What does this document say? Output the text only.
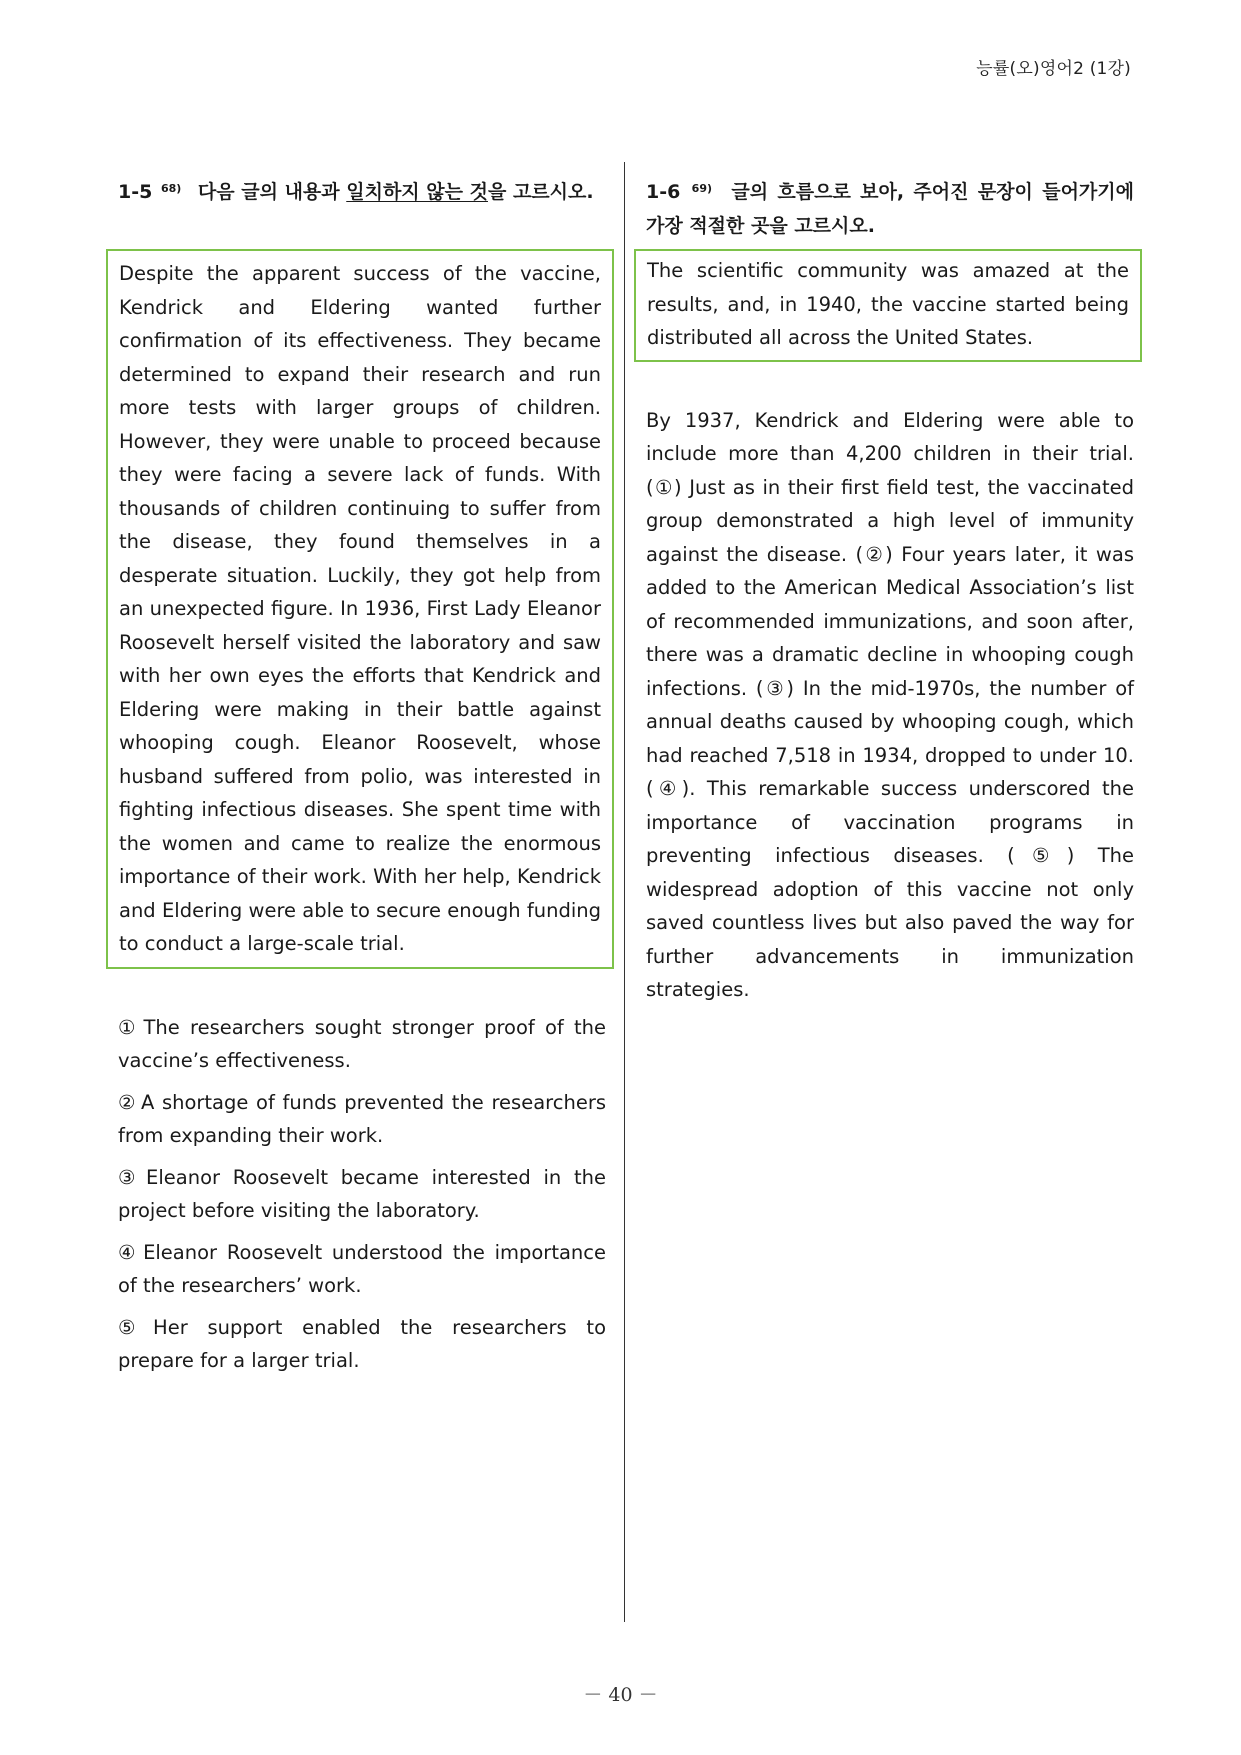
능률(오)영어2 (1강)

1-5 $^{68)}$ 다음 글의 내용과 일치하지 않는 것을 고르시오.

Despite the apparent success of the vaccine, Kendrick and Eldering wanted further confirmation of its effectiveness. They became determined to expand their research and run more tests with larger groups of children. However, they were unable to proceed because they were facing a severe lack of funds. With thousands of children continuing to suffer from the disease, they found themselves in a desperate situation. Luckily, they got help from an unexpected figure. In 1936, First Lady Eleanor Roosevelt herself visited the laboratory and saw with her own eyes the efforts that Kendrick and Eldering were making in their battle against whooping cough. Eleanor Roosevelt, whose husband suffered from polio, was interested in fighting infectious diseases. She spent time with the women and came to realize the enormous importance of their work. With her help, Kendrick and Eldering were able to secure enough funding to conduct a large-scale trial.

① The researchers sought stronger proof of the vaccine’s effectiveness.

② A shortage of funds prevented the researchers from expanding their work.

③ Eleanor Roosevelt became interested in the project before visiting the laboratory.

④ Eleanor Roosevelt understood the importance of the researchers’ work.

⑤ Her support enabled the researchers to prepare for a larger trial.

1-6 $^{69)}$ 글의 흐름으로 보아, 주어진 문장이 들어가기에 가장 적절한 곳을 고르시오.

The scientific community was amazed at the results, and, in 1940, the vaccine started being distributed all across the United States.

By 1937, Kendrick and Eldering were able to include more than 4,200 children in their trial. (①) Just as in their first field test, the vaccinated group demonstrated a high level of immunity against the disease. (②) Four years later, it was added to the American Medical Association’s list of recommended immunizations, and soon after, there was a dramatic decline in whooping cough infections. (③) In the mid-1970s, the number of annual deaths caused by whooping cough, which had reached 7,518 in 1934, dropped to under 10. (④). This remarkable success underscored the importance of vaccination programs in preventing infectious diseases. (⑤) The widespread adoption of this vaccine not only saved countless lives but also paved the way for further advancements in immunization strategies.

－ 40 －
